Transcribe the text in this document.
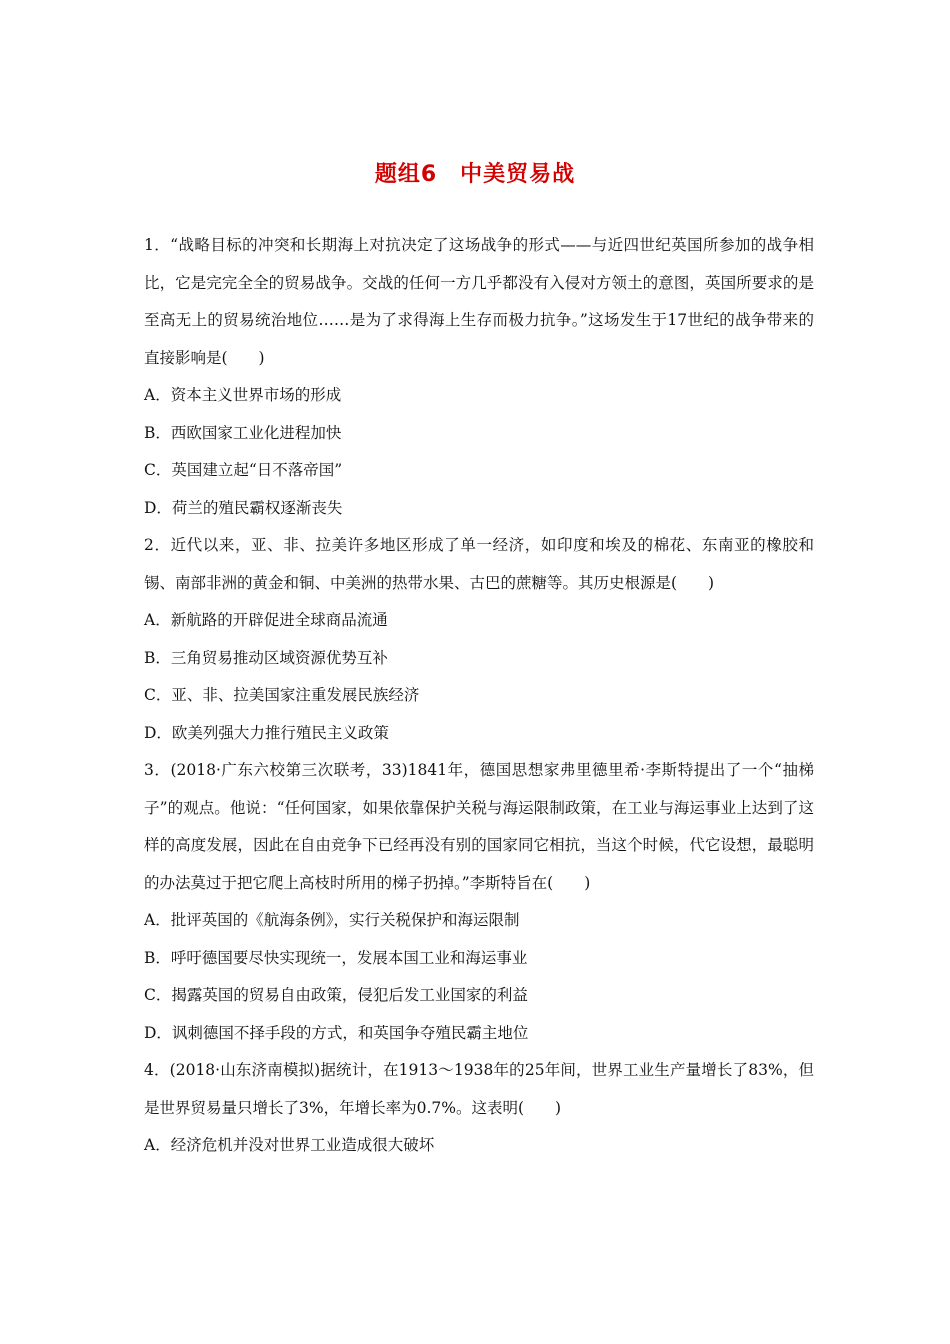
题组6　中美贸易战
1．“战略目标的冲突和长期海上对抗决定了这场战争的形式——与近四世纪英国所参加的战争相比，它是完完全全的贸易战争。交战的任何一方几乎都没有入侵对方领土的意图，英国所要求的是至高无上的贸易统治地位……是为了求得海上生存而极力抗争。”这场发生于17世纪的战争带来的直接影响是(　　)
A．资本主义世界市场的形成
B．西欧国家工业化进程加快
C．英国建立起“日不落帝国”
D．荷兰的殖民霸权逐渐丧失
2．近代以来，亚、非、拉美许多地区形成了单一经济，如印度和埃及的棉花、东南亚的橡胶和锡、南部非洲的黄金和铜、中美洲的热带水果、古巴的蔗糖等。其历史根源是(　　)
A．新航路的开辟促进全球商品流通
B．三角贸易推动区域资源优势互补
C．亚、非、拉美国家注重发展民族经济
D．欧美列强大力推行殖民主义政策
3．(2018·广东六校第三次联考，33)1841年，德国思想家弗里德里希·李斯特提出了一个“抽梯子”的观点。他说：“任何国家，如果依靠保护关税与海运限制政策，在工业与海运事业上达到了这样的高度发展，因此在自由竞争下已经再没有别的国家同它相抗，当这个时候，代它设想，最聪明的办法莫过于把它爬上高枝时所用的梯子扔掉。”李斯特旨在(　　)
A．批评英国的《航海条例》，实行关税保护和海运限制
B．呼吁德国要尽快实现统一，发展本国工业和海运事业
C．揭露英国的贸易自由政策，侵犯后发工业国家的利益
D．讽刺德国不择手段的方式，和英国争夺殖民霸主地位
4．(2018·山东济南模拟)据统计，在1913～1938年的25年间，世界工业生产量增长了83%，但是世界贸易量只增长了3%，年增长率为0.7%。这表明(　　)
A．经济危机并没对世界工业造成很大破坏
